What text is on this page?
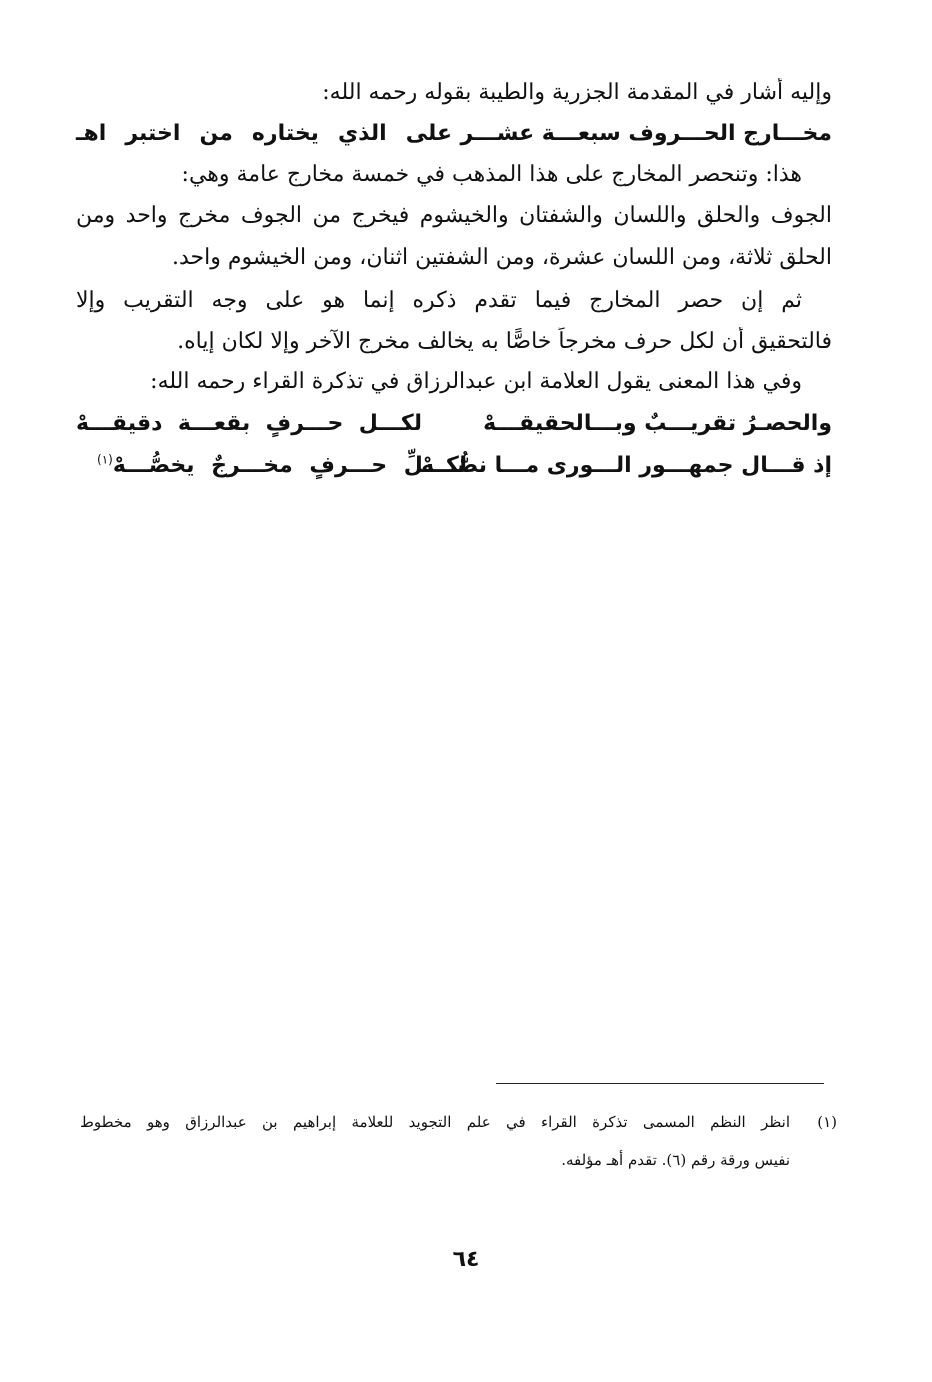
وإليه أشار في المقدمة الجزرية والطيبة بقوله رحمه الله:
مخـــارج الحـــروف سبعـــة عشـــر
على الذي يختاره من اختبر اهـ
هذا: وتنحصر المخارج على هذا المذهب في خمسة مخارج عامة وهي:
الجوف والحلق واللسان والشفتان والخيشوم فيخرج من الجوف مخرج واحد ومن
الحلق ثلاثة، ومن اللسان عشرة، ومن الشفتين اثنان، ومن الخيشوم واحد.
ثم إن حصر المخارج فيما تقدم ذكره إنما هو على وجه التقريب وإلا
فالتحقيق أن لكل حرف مخرجاً خاصًّا به يخالف مخرج الآخر وإلا لكان إياه.
وفي هذا المعنى يقول العلامة ابن عبدالرزاق في تذكرة القراء رحمه الله:
والحصـرُ تقريـــبٌ وبـــالحقيقـــهْ
لكـــل حـــرفٍ بقعـــة دقيقـــهْ
إذ قـــال جمهـــور الـــورى مـــا نصُّـــهْ
لكـــلِّ حـــرفٍ مخـــرجٌ يخصُّـــهْ$^{(١)}$
(١)
انظر النظم المسمى تذكرة القراء في علم التجويد للعلامة إبراهيم بن عبدالرزاق وهو مخطوط
نفيس ورقة رقم (٦). تقدم أهـ مؤلفه.
٦٤
